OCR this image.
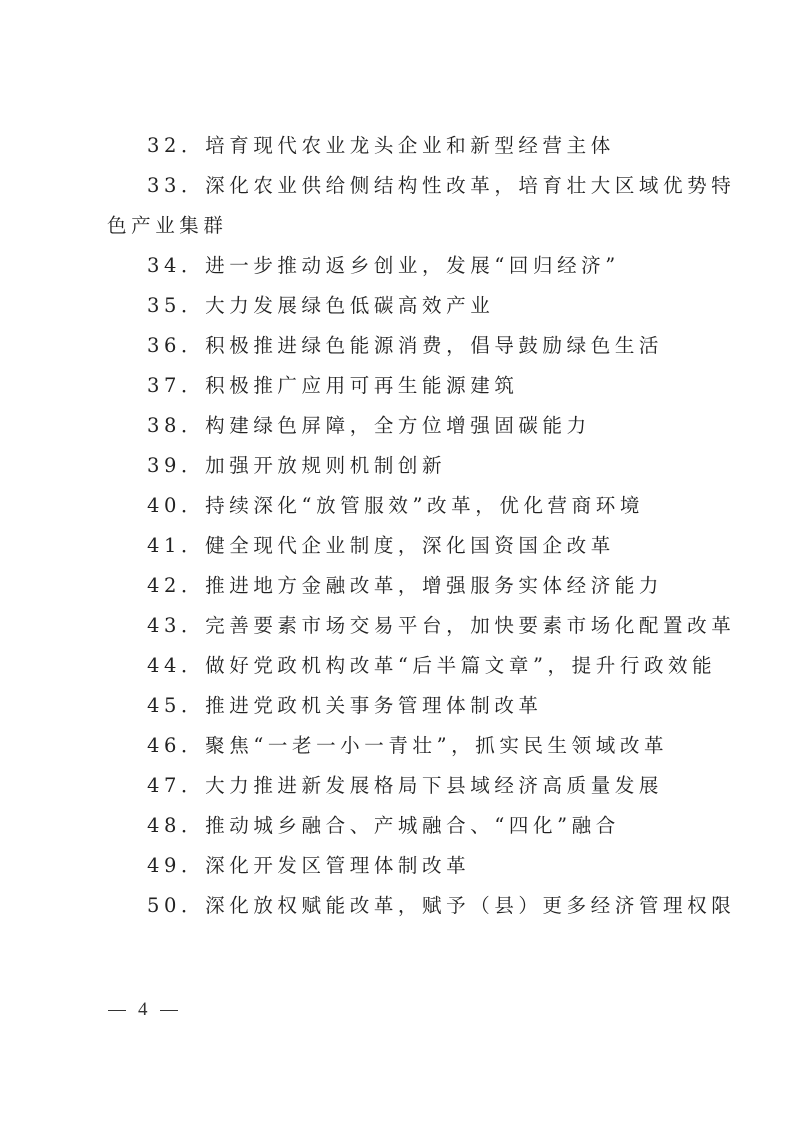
32．培育现代农业龙头企业和新型经营主体

33．深化农业供给侧结构性改革，培育壮大区域优势特

色产业集群

34．进一步推动返乡创业，发展“回归经济”

35．大力发展绿色低碳高效产业

36．积极推进绿色能源消费，倡导鼓励绿色生活

37．积极推广应用可再生能源建筑

38．构建绿色屏障，全方位增强固碳能力

39．加强开放规则机制创新

40．持续深化“放管服效”改革，优化营商环境

41．健全现代企业制度，深化国资国企改革

42．推进地方金融改革，增强服务实体经济能力

43．完善要素市场交易平台，加快要素市场化配置改革

44．做好党政机构改革“后半篇文章”，提升行政效能

45．推进党政机关事务管理体制改革

46．聚焦“一老一小一青壮”，抓实民生领域改革

47．大力推进新发展格局下县域经济高质量发展

48．推动城乡融合、产城融合、“四化”融合

49．深化开发区管理体制改革

50．深化放权赋能改革，赋予（县）更多经济管理权限

4
